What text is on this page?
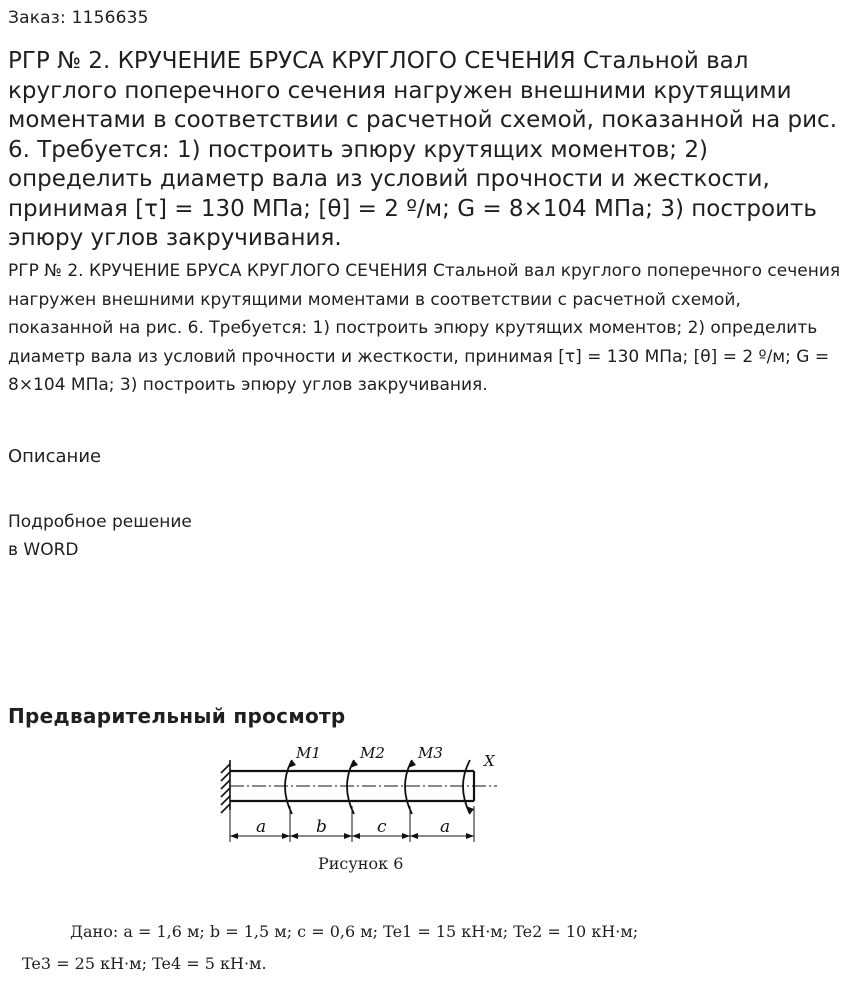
Заказ: 1156635
РГР № 2. КРУЧЕНИЕ БРУСА КРУГЛОГО СЕЧЕНИЯ Стальной вал круглого поперечного сечения нагружен внешними крутящими моментами в соответствии с расчетной схемой, показанной на рис. 6. Требуется: 1) построить эпюру крутящих моментов; 2) определить диаметр вала из условий прочности и жесткости, принимая [τ] = 130 МПа; [θ] = 2 º/м; G = 8×104 МПа; 3) построить эпюру углов закручивания.

РГР № 2. КРУЧЕНИЕ БРУСА КРУГЛОГО СЕЧЕНИЯ Стальной вал круглого поперечного сечения нагружен внешними крутящими моментами в соответствии с расчетной схемой, показанной на рис. 6. Требуется: 1) построить эпюру крутящих моментов; 2) определить диаметр вала из условий прочности и жесткости, принимая [τ] = 130 МПа; [θ] = 2 º/м; G = 8×104 МПа; 3) построить эпюру углов закручивания.

Описание
Подробное решение
в WORD
Предварительный просмотр
M1	M2 M3	X
a	b	c	a
Рисунок 6

Дано: a = 1,6 м; b = 1,5 м; c = 0,6 м; Te1 = 15 кН·м; Te2 = 10 кН·м; Te3 = 25 кН·м; Te4 = 5 кН·м.
